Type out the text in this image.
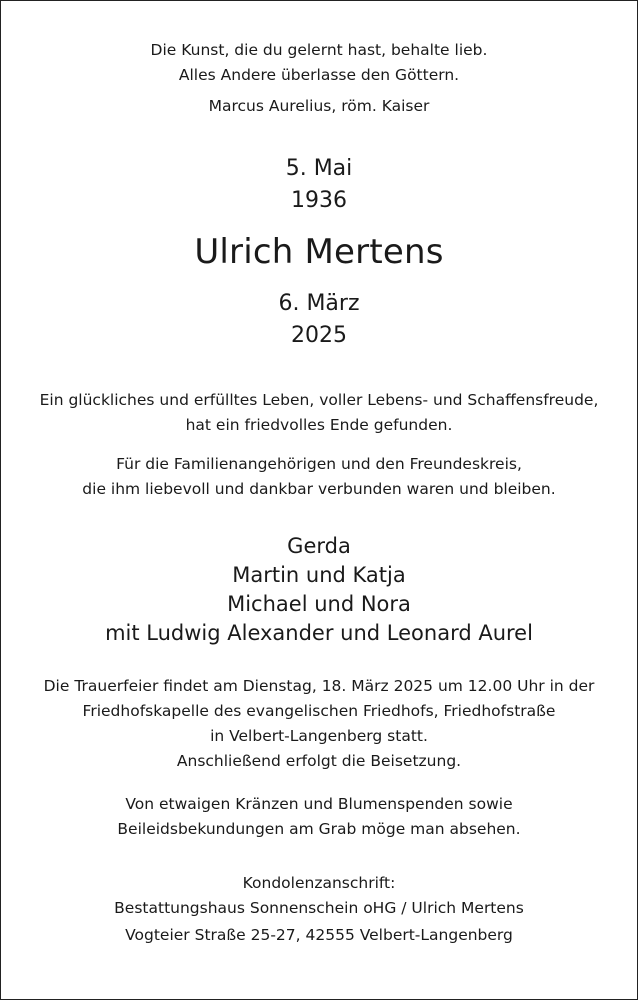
Die Kunst, die du gelernt hast, behalte lieb.
Alles Andere überlasse den Göttern.
Marcus Aurelius, röm. Kaiser
5. Mai
1936
Ulrich Mertens
6. März
2025
Ein glückliches und erfülltes Leben, voller Lebens- und Schaffensfreude,
hat ein friedvolles Ende gefunden.
Für die Familienangehörigen und den Freundeskreis,
die ihm liebevoll und dankbar verbunden waren und bleiben.
Gerda
Martin und Katja
Michael und Nora
mit Ludwig Alexander und Leonard Aurel
Die Trauerfeier findet am Dienstag, 18. März 2025 um 12.00 Uhr in der
Friedhofskapelle des evangelischen Friedhofs, Friedhofstraße
in Velbert-Langenberg statt.
Anschließend erfolgt die Beisetzung.
Von etwaigen Kränzen und Blumenspenden sowie
Beileidsbekundungen am Grab möge man absehen.
Kondolenzanschrift:
Bestattungshaus Sonnenschein oHG / Ulrich Mertens
Vogteier Straße 25-27, 42555 Velbert-Langenberg
